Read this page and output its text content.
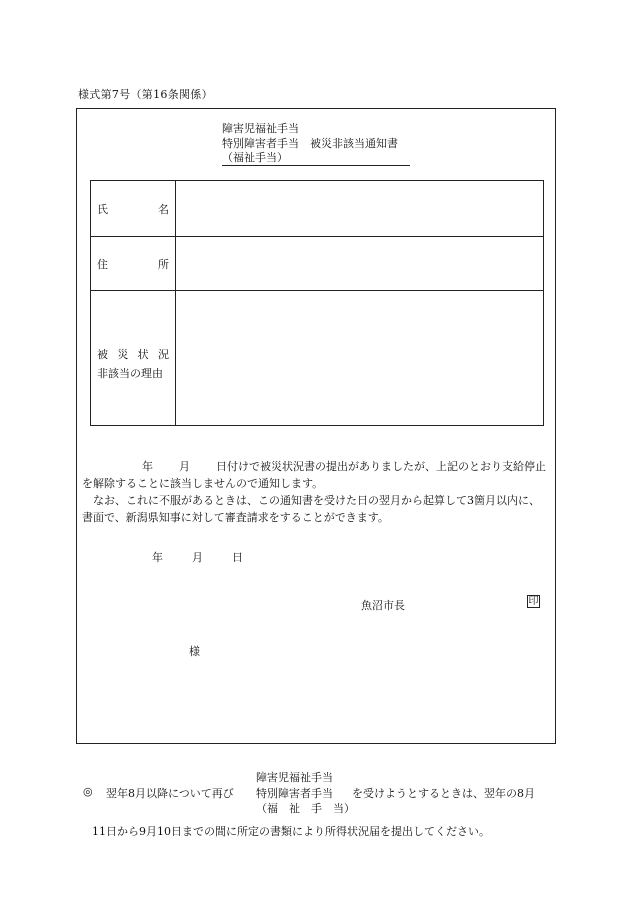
様式第7号（第16条関係）
障害児福祉手当
特別障害者手当　被災非該当通知書
（福祉手当）
氏	名
住	所
被 災 状 況
非該当の理由

年 月 日付けで被災状況書の提出がありましたが、上記のとおり支給停止を解除することに該当しませんので通知します。

なお、これに不服があるときは、この通知書を受けた日の翌月から起算して3箇月以内に、書面で、新潟県知事に対して審査請求をすることができます。

年	月	日
魚沼市長	印
様
◎ 翌年8月以降について再び
障害児福祉手当
特別障害者手当
（福　祉　手　当）
を受けようとするときは、翌年の8月
11日から9月10日までの間に所定の書類により所得状況届を提出してください。
